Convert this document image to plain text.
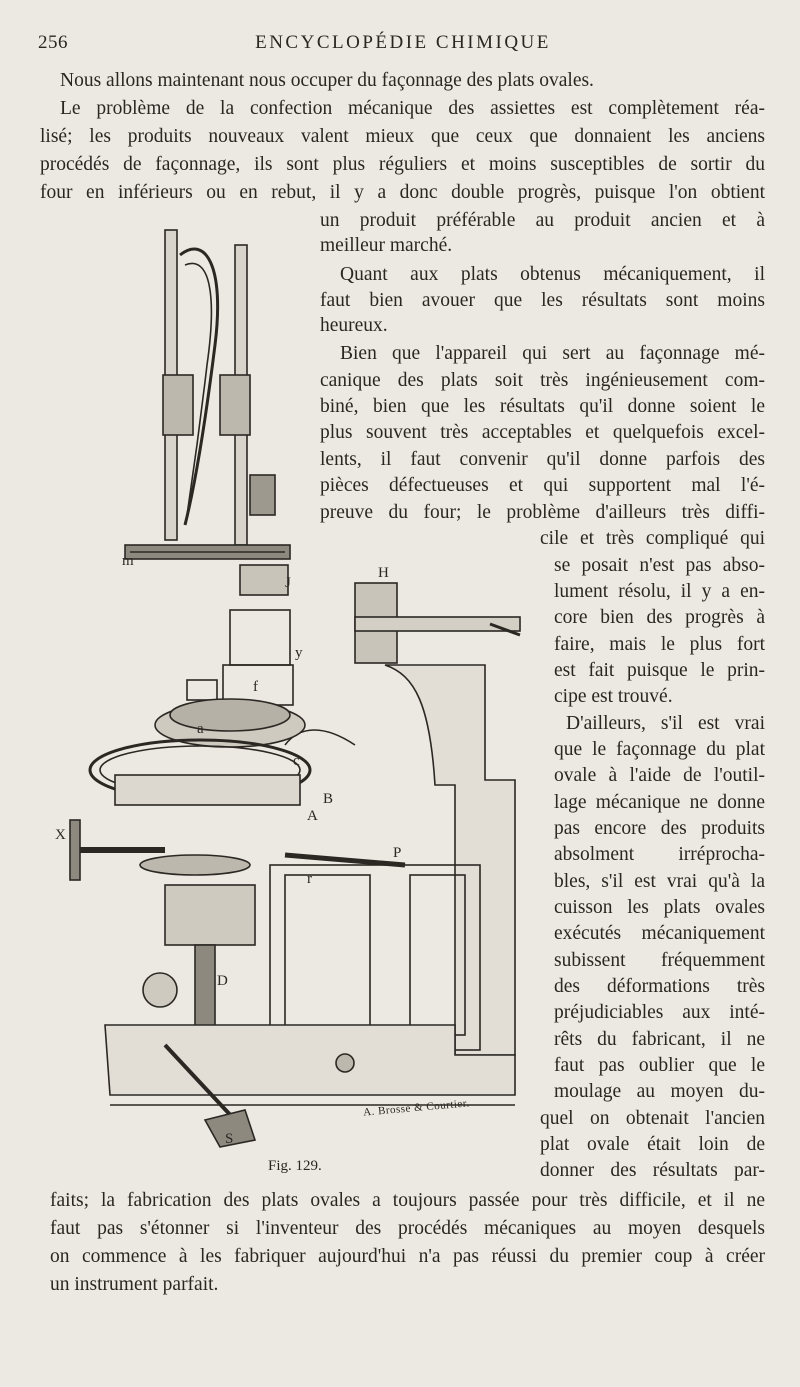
256	ENCYCLOPÉDIE CHIMIQUE
Nous allons maintenant nous occuper du façonnage des plats ovales.
Le problème de la confection mécanique des assiettes est complètement réa-
lisé; les produits nouveaux valent mieux que ceux que donnaient les anciens
procédés de façonnage, ils sont plus réguliers et moins susceptibles de sortir du
four en inférieurs ou en rebut, il y a donc double progrès, puisque l'on obtient
un produit préférable au produit ancien et à
meilleur marché.
Quant aux plats obtenus mécaniquement, il
faut bien avouer que les résultats sont moins
heureux.
Bien que l'appareil qui sert au façonnage mé-
canique des plats soit très ingénieusement com-
biné, bien que les résultats qu'il donne soient le
plus souvent très acceptables et quelquefois excel-
lents, il faut convenir qu'il donne parfois des
pièces défectueuses et qui supportent mal l'é-
preuve du four; le problème d'ailleurs très diffi-
cile et très compliqué qui
se posait n'est pas abso-
lument résolu, il y a en-
core bien des progrès à
faire, mais le plus fort
est fait puisque le prin-
cipe est trouvé.
D'ailleurs, s'il est vrai
que le façonnage du plat
ovale à l'aide de l'outil-
lage mécanique ne donne
pas encore des produits
absolment irréprocha-
bles, s'il est vrai qu'à la
cuisson les plats ovales
exécutés mécaniquement
subissent fréquemment
des déformations très
préjudiciables aux inté-
rêts du fabricant, il ne
faut pas oublier que le
moulage au moyen du-
quel on obtenait l'ancien
plat ovale était loin de
donner des résultats par-
faits; la fabrication des plats ovales a toujours passée pour très difficile, et il ne
faut pas s'étonner si l'inventeur des procédés mécaniques au moyen desquels
on commence à les fabriquer aujourd'hui n'a pas réussi du premier coup à créer
un instrument parfait.
H
J
m
y
f
a
c
B
A
X
P
r
D
S
A. Brosse & Courtier.
Fig. 129.
